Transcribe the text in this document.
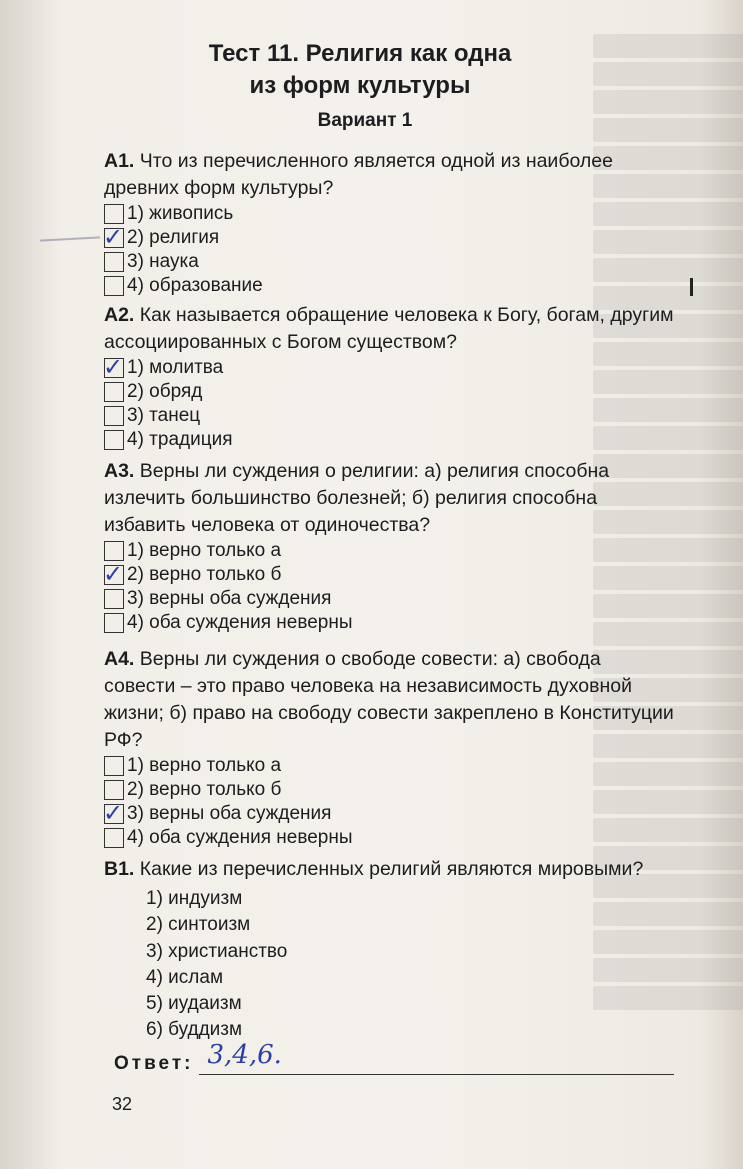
Тест 11. Религия как одна
из форм культуры
Вариант 1

А1. Что из перечисленного является одной из наиболее древних форм культуры?

1) живопись
✓ 2) религия
3) наука
4) образование

А2. Как называется обращение человека к Богу, богам, другим ассоциированных с Богом существом?

✓ 1) молитва
2) обряд
3) танец
4) традиция

А3. Верны ли суждения о религии: а) религия способна излечить большинство болезней; б) религия способна избавить человека от одиночества?

1) верно только а
✓ 2) верно только б
3) верны оба суждения
4) оба суждения неверны

А4. Верны ли суждения о свободе совести: а) свобода совести – это право человека на независимость духовной жизни; б) право на свободу совести закреплено в Конституции РФ?

1) верно только а
2) верно только б
✓ 3) верны оба суждения
4) оба суждения неверны
В1. Какие из перечисленных религий являются мировыми?
1) индуизм
2) синтоизм
3) христианство
4) ислам
5) иудаизм
6) буддизм
Ответ: 3,4,6.
32
